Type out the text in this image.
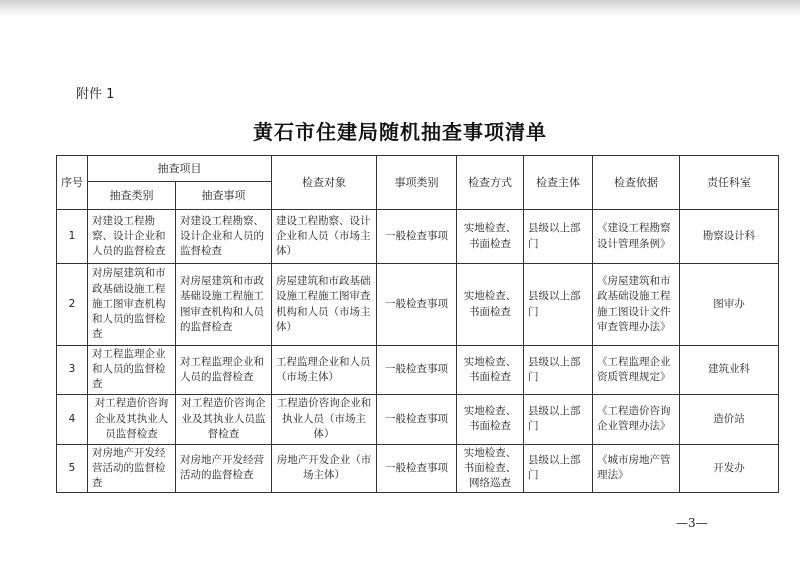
附件 1
黄石市住建局随机抽查事项清单
序号	抽查项目		检查对象	事项类别	检查方式	检查主体	检查依据	责任科室
	抽查类别	抽查事项						
1	对建设工程勘察、设计企业和人员的监督检查	对建设工程勘察、设计企业和人员的监督检查	建设工程勘察、设计企业和人员（市场主体）	一般检查事项	实地检查、书面检查	县级以上部门	《建设工程勘察设计管理条例》	勘察设计科
2	对房屋建筑和市政基础设施工程施工图审查机构和人员的监督检查	对房屋建筑和市政基础设施工程施工图审查机构和人员的监督检查	房屋建筑和市政基础设施工程施工图审查机构和人员（市场主体）	一般检查事项	实地检查、书面检查	县级以上部门	《房屋建筑和市政基础设施工程施工图设计文件审查管理办法》	图审办
3	对工程监理企业和人员的监督检查	对工程监理企业和人员的监督检查	工程监理企业和人员（市场主体）	一般检查事项	实地检查、书面检查	县级以上部门	《工程监理企业资质管理规定》	建筑业科
4	对工程造价咨询企业及其执业人员监督检查	对工程造价咨询企业及其执业人员监督检查	工程造价咨询企业和执业人员（市场主体）	一般检查事项	实地检查、书面检查	县级以上部门	《工程造价咨询企业管理办法》	造价站
5	对房地产开发经营活动的监督检查	对房地产开发经营活动的监督检查	房地产开发企业（市场主体）	一般检查事项	实地检查、书面检查、网络巡查	县级以上部门	《城市房地产管理法》	开发办
—3—
